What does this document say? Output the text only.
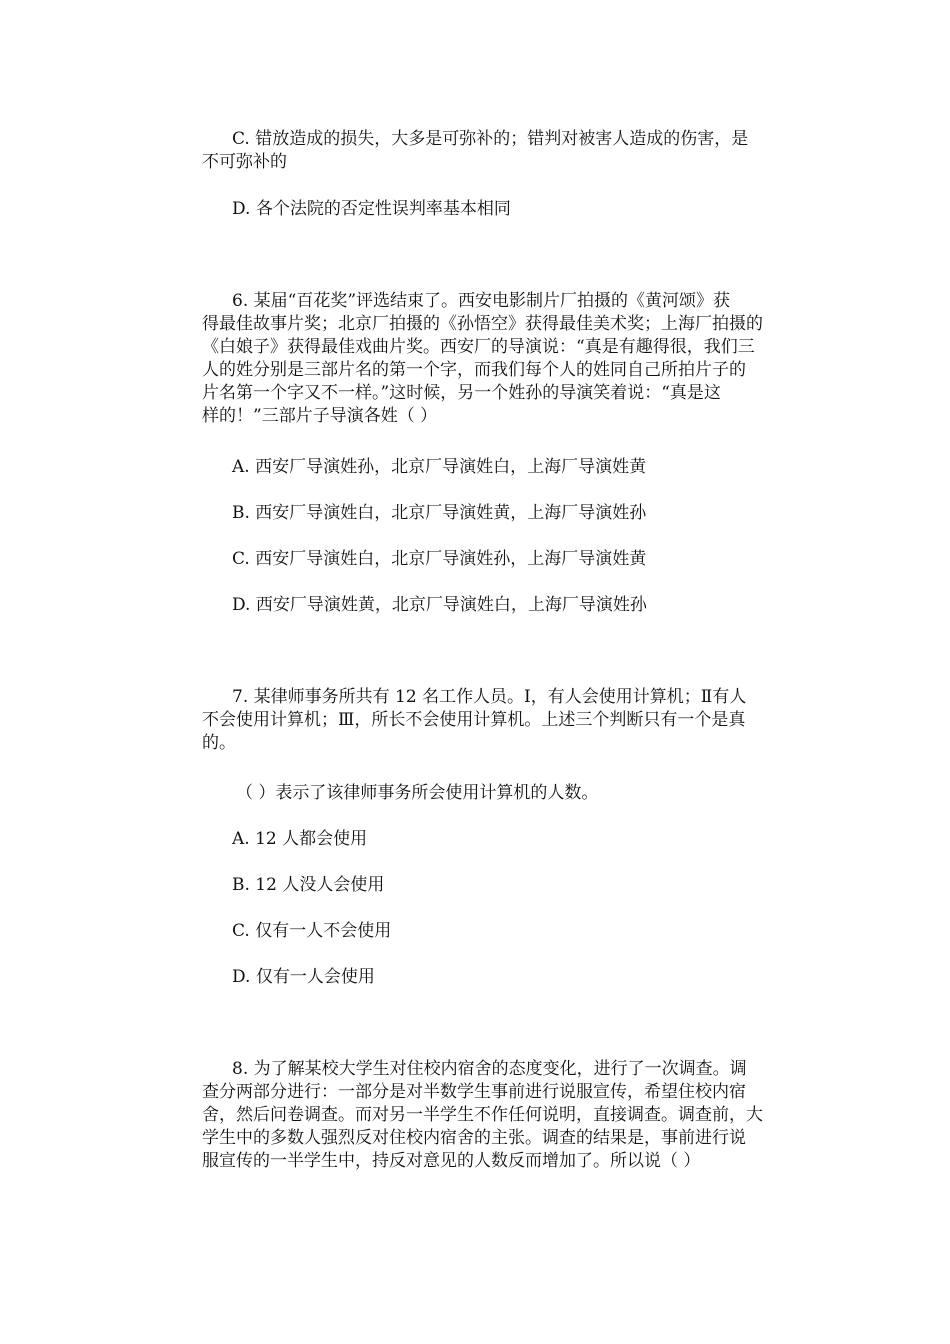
C. 错放造成的损失，大多是可弥补的；错判对被害人造成的伤害，是
不可弥补的

D. 各个法院的否定性误判率基本相同

6. 某届“百花奖”评选结束了。西安电影制片厂拍摄的《黄河颂》获
得最佳故事片奖；北京厂拍摄的《孙悟空》获得最佳美术奖；上海厂拍摄的
《白娘子》获得最佳戏曲片奖。西安厂的导演说：“真是有趣得很，我们三
人的姓分别是三部片名的第一个字，而我们每个人的姓同自己所拍片子的
片名第一个字又不一样。”这时候，另一个姓孙的导演笑着说：“真是这
样的！”三部片子导演各姓（ ）

A. 西安厂导演姓孙，北京厂导演姓白，上海厂导演姓黄

B. 西安厂导演姓白，北京厂导演姓黄，上海厂导演姓孙

C. 西安厂导演姓白，北京厂导演姓孙，上海厂导演姓黄

D. 西安厂导演姓黄，北京厂导演姓白，上海厂导演姓孙

7. 某律师事务所共有 12 名工作人员。Ⅰ，有人会使用计算机；Ⅱ有人
不会使用计算机；Ⅲ，所长不会使用计算机。上述三个判断只有一个是真
的。

（ ）表示了该律师事务所会使用计算机的人数。

A. 12 人都会使用

B. 12 人没人会使用

C. 仅有一人不会使用

D. 仅有一人会使用

8. 为了解某校大学生对住校内宿舍的态度变化，进行了一次调查。调
查分两部分进行：一部分是对半数学生事前进行说服宣传，希望住校内宿
舍，然后问卷调查。而对另一半学生不作任何说明，直接调查。调查前，大
学生中的多数人强烈反对住校内宿舍的主张。调查的结果是，事前进行说
服宣传的一半学生中，持反对意见的人数反而增加了。所以说（ ）
